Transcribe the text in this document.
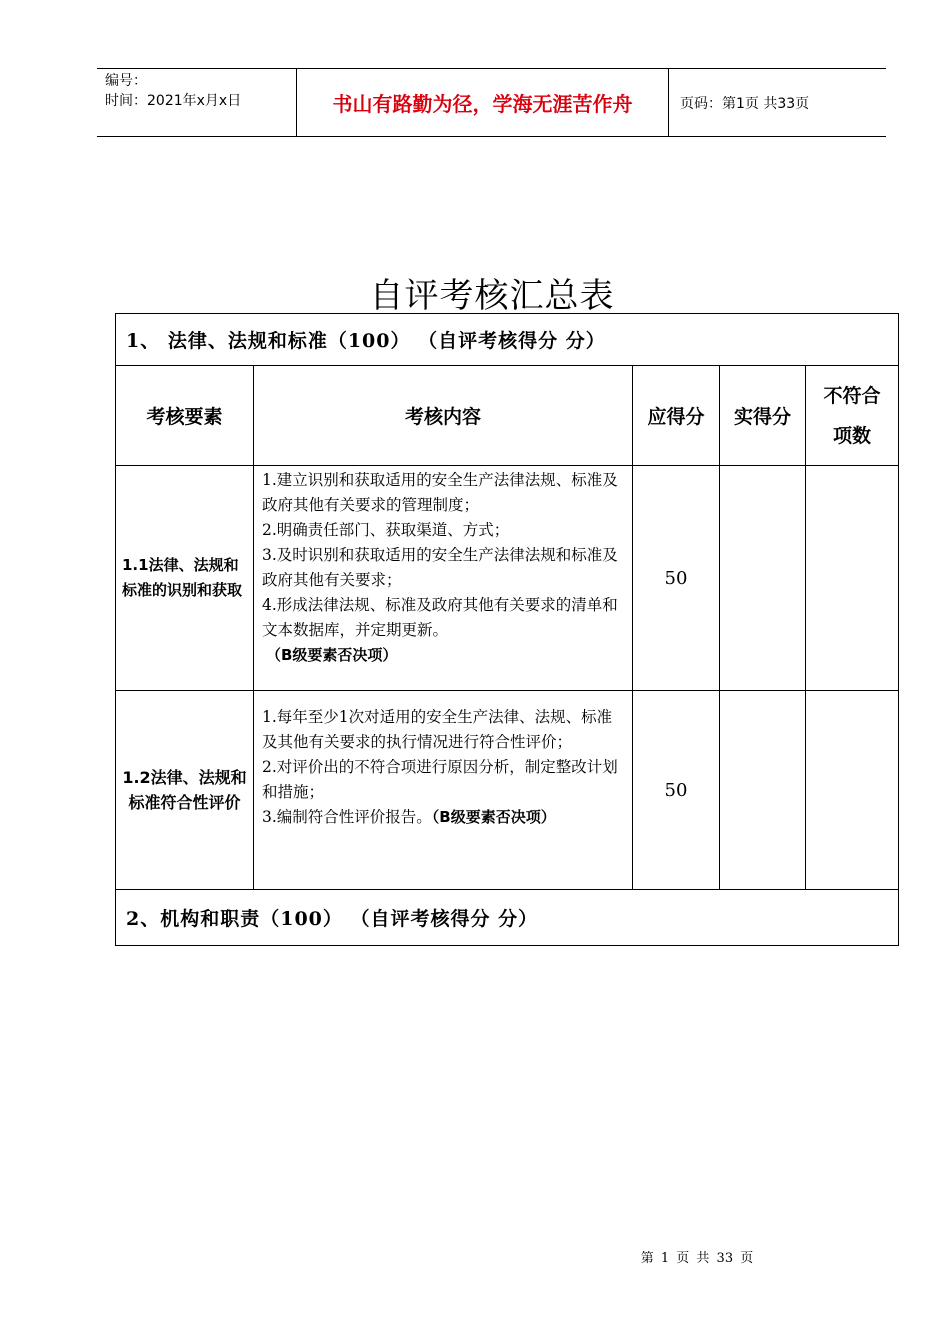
编号：
时间：2021年x月x日	书山有路勤为径，学海无涯苦作舟	页码：第1页 共33页
自评考核汇总表
1、 法律、法规和标准（100） （自评考核得分 分）				
考核要素	考核内容	应得分	实得分	不符合
项数

1.1法律、法规和标准的识别和获取	1.建立识别和获取适用的安全生产法律法规、标准及政府其他有关要求的管理制度；
2.明确责任部门、获取渠道、方式；
3.及时识别和获取适用的安全生产法律法规和标准及政府其他有关要求；
4.形成法律法规、标准及政府其他有关要求的清单和文本数据库，并定期更新。
（B级要素否决项）	50		
1.2法律、法规和标准符合性评价	1.每年至少1次对适用的安全生产法律、法规、标准及其他有关要求的执行情况进行符合性评价；
2.对评价出的不符合项进行原因分析，制定整改计划和措施；
3.编制符合性评价报告。（B级要素否决项）	50		
2、机构和职责（100） （自评考核得分 分）				
第 1 页 共 33 页
